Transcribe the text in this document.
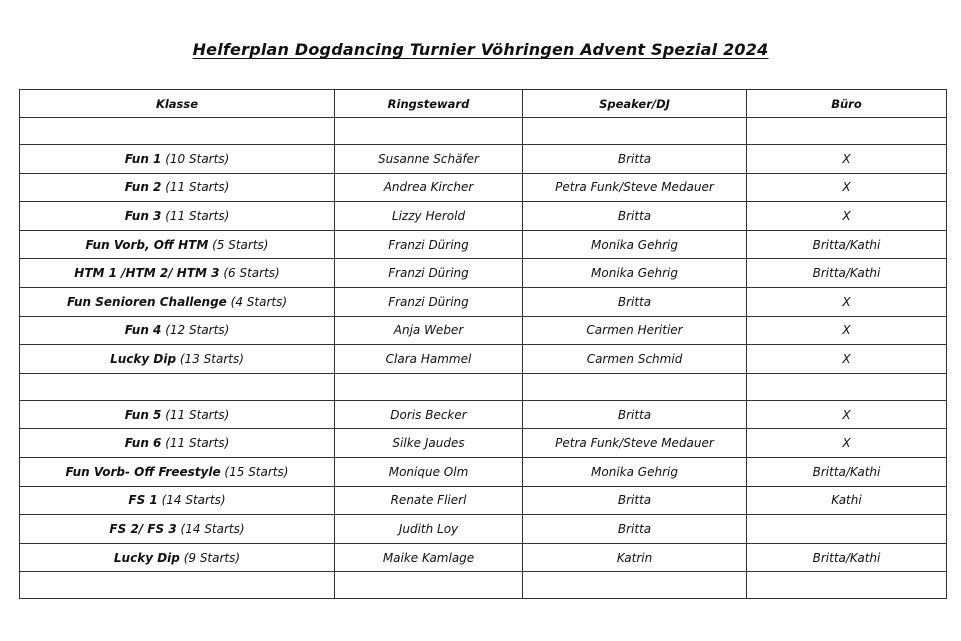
Helferplan Dogdancing Turnier Vöhringen Advent Spezial 2024
Klasse	Ringsteward	Speaker/DJ	Büro

Fun 1 (10 Starts)	Susanne Schäfer	Britta	X
Fun 2 (11 Starts)	Andrea Kircher	Petra Funk/Steve Medauer	X
Fun 3 (11 Starts)	Lizzy Herold	Britta	X
Fun Vorb, Off HTM (5 Starts)	Franzi Düring	Monika Gehrig	Britta/Kathi
HTM 1 /HTM 2/ HTM 3 (6 Starts)	Franzi Düring	Monika Gehrig	Britta/Kathi
Fun Senioren Challenge (4 Starts)	Franzi Düring	Britta	X
Fun 4 (12 Starts)	Anja Weber	Carmen Heritier	X
Lucky Dip (13 Starts)	Clara Hammel	Carmen Schmid	X

Fun 5 (11 Starts)	Doris Becker	Britta	X
Fun 6 (11 Starts)	Silke Jaudes	Petra Funk/Steve Medauer	X
Fun Vorb- Off Freestyle (15 Starts)	Monique Olm	Monika Gehrig	Britta/Kathi
FS 1 (14 Starts)	Renate Flierl	Britta	Kathi
FS 2/ FS 3 (14 Starts)	Judith Loy	Britta	
Lucky Dip (9 Starts)	Maike Kamlage	Katrin	Britta/Kathi
